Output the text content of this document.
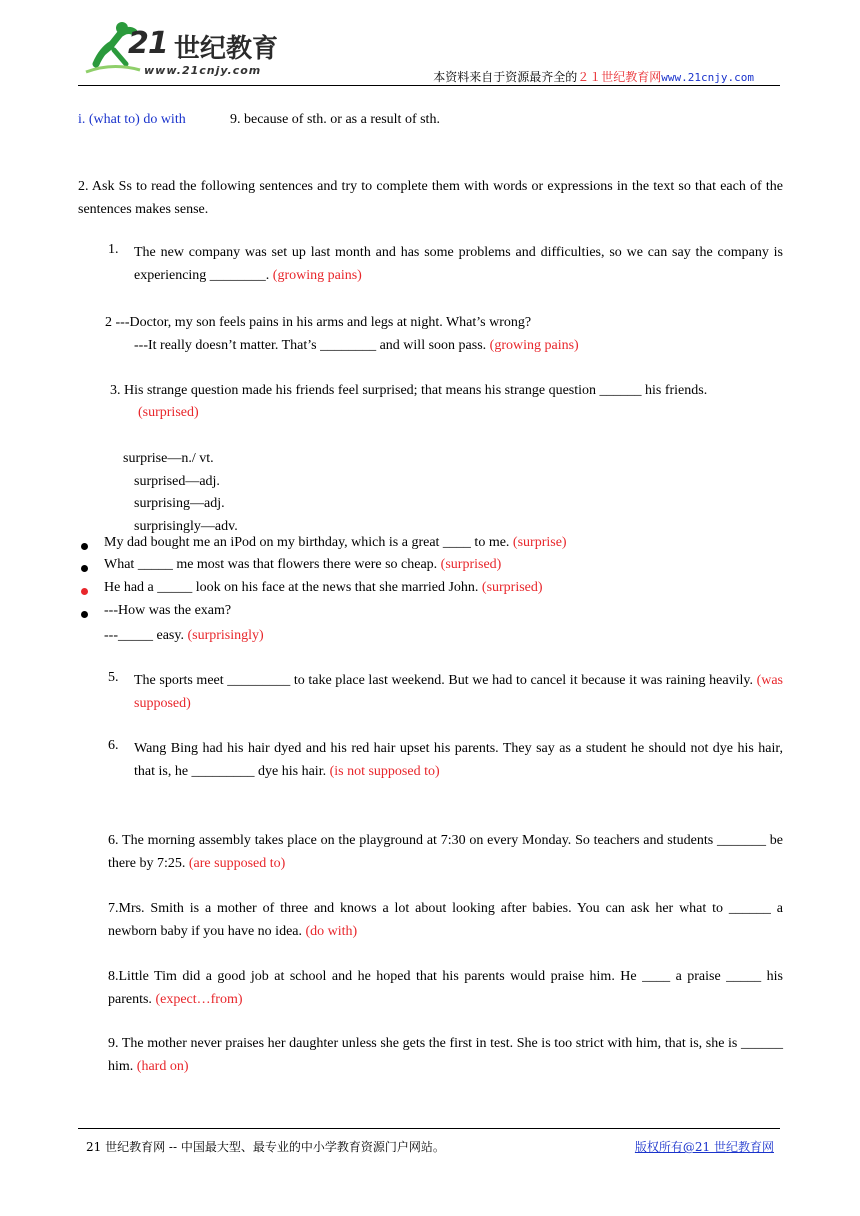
21 世纪教育
www.21cnjy.com	本资料来自于资源最齐全的２１世纪教育网www.21cnjy.com
i. (what to) do with	9. because of sth. or as a result of sth.
2. Ask Ss to read the following sentences and try to complete them with words or expressions in the text so that each of the sentences makes sense.
1. The new company was set up last month and has some problems and difficulties, so we can say the company is experiencing ________. (growing pains)
2 ---Doctor, my son feels pains in his arms and legs at night. What’s wrong?
---It really doesn’t matter. That’s ________ and will soon pass. (growing pains)
3. His strange question made his friends feel surprised; that means his strange question ______ his friends.
(surprised)
surprise—n./ vt.
surprised—adj.
surprising—adj.
surprisingly—adv.
My dad bought me an iPod on my birthday, which is a great ____ to me. (surprise)
What _____ me most was that flowers there were so cheap. (surprised)
He had a _____ look on his face at the news that she married John. (surprised)
---How was the exam?
---_____ easy. (surprisingly)
5. The sports meet _________ to take place last weekend. But we had to cancel it because it was raining heavily. (was supposed)
6. Wang Bing had his hair dyed and his red hair upset his parents. They say as a student he should not dye his hair, that is, he _________ dye his hair. (is not supposed to)
6. The morning assembly takes place on the playground at 7:30 on every Monday. So teachers and students _______ be there by 7:25. (are supposed to)
7.Mrs. Smith is a mother of three and knows a lot about looking after babies. You can ask her what to ______ a newborn baby if you have no idea. (do with)
8.Little Tim did a good job at school and he hoped that his parents would praise him. He ____ a praise _____ his parents. (expect…from)
9. The mother never praises her daughter unless she gets the first in test. She is too strict with him, that is, she is ______ him. (hard on)
21 世纪教育网 -- 中国最大型、最专业的中小学教育资源门户网站。	版权所有@21 世纪教育网
